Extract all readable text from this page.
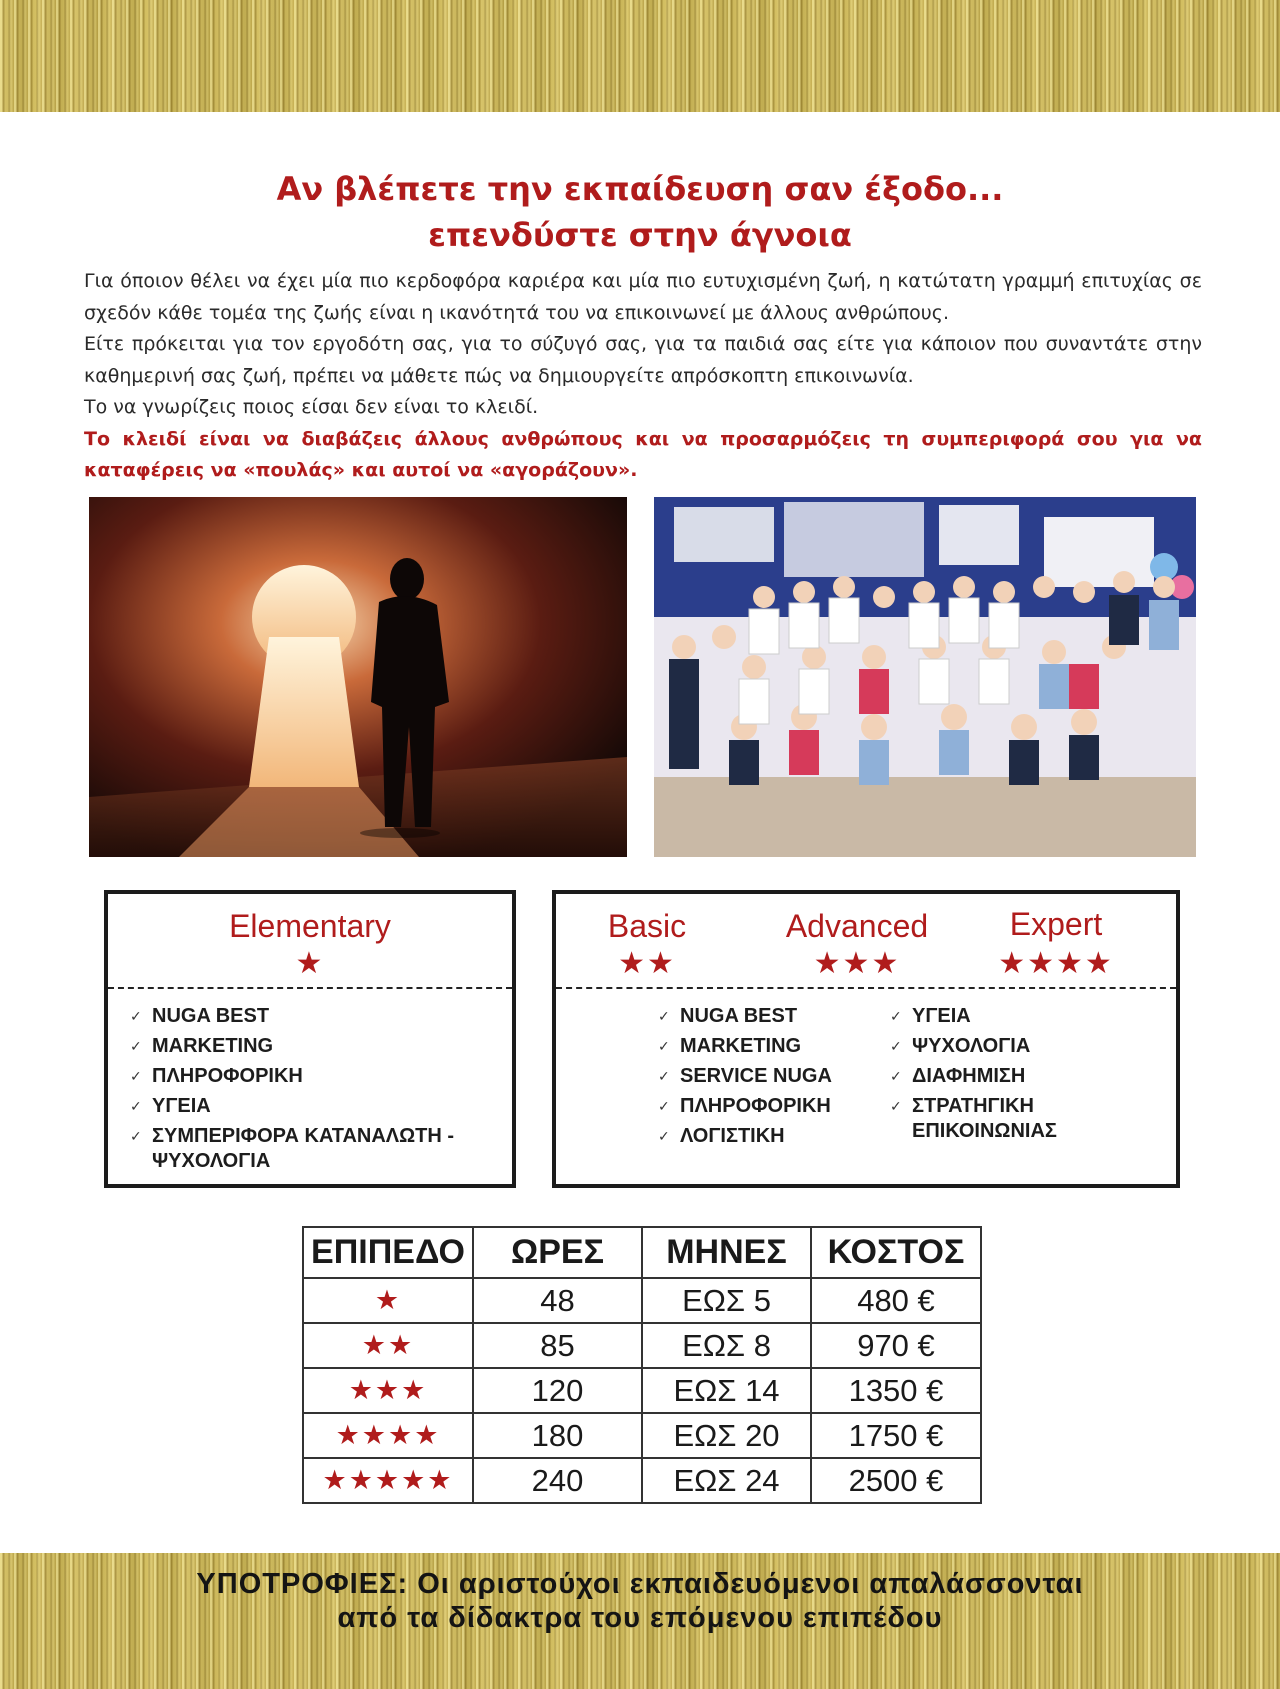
Αν βλέπετε την εκπαίδευση σαν έξοδο...
επενδύστε στην άγνοια

Για όποιον θέλει να έχει μία πιο κερδοφόρα καριέρα και μία πιο ευτυχισμένη ζωή, η κατώτατη γραμμή επιτυχίας σε σχεδόν κάθε τομέα της ζωής είναι η ικανότητά του να επικοινωνεί με άλλους ανθρώπους.

Είτε πρόκειται για τον εργοδότη σας, για το σύζυγό σας, για τα παιδιά σας είτε για κάποιον που συναντάτε στην καθημερινή σας ζωή, πρέπει να μάθετε πώς να δημιουργείτε απρόσκοπτη επικοινωνία.

Το να γνωρίζεις ποιος είσαι δεν είναι το κλειδί.

Το κλειδί είναι να διαβάζεις άλλους ανθρώπους και να προσαρμόζεις τη συμπεριφορά σου για να καταφέρεις να «πουλάς» και αυτοί να «αγοράζουν».

Elementary
★
✓ NUGA BEST
✓ MARKETING
✓ ΠΛΗΡΟΦΟΡΙΚΗ
✓ ΥΓΕΙΑ
✓ ΣΥΜΠΕΡΙΦΟΡΑ ΚΑΤΑΝΑΛΩΤΗ - ΨΥΧΟΛΟΓΙΑ
Basic
★★
Advanced
★★★
Expert
★★★★
✓ NUGA BEST
✓ MARKETING
✓ SERVICE NUGA
✓ ΠΛΗΡΟΦΟΡΙΚΗ
✓ ΛΟΓΙΣΤΙΚΗ
✓ ΥΓΕΙΑ
✓ ΨΥΧΟΛΟΓΙΑ
✓ ΔΙΑΦΗΜΙΣΗ
✓ ΣΤΡΑΤΗΓΙΚΗ ΕΠΙΚΟΙΝΩΝΙΑΣ
ΕΠΙΠΕΔΟ	ΩΡΕΣ	ΜΗΝΕΣ	ΚΟΣΤΟΣ
★	48	ΕΩΣ 5	480 €
★★	85	ΕΩΣ 8	970 €
★★★	120	ΕΩΣ 14	1350 €
★★★★	180	ΕΩΣ 20	1750 €
★★★★★	240	ΕΩΣ 24	2500 €
ΥΠΟΤΡΟΦΙΕΣ: Οι αριστούχοι εκπαιδευόμενοι απαλάσσονται
από τα δίδακτρα του επόμενου επιπέδου
